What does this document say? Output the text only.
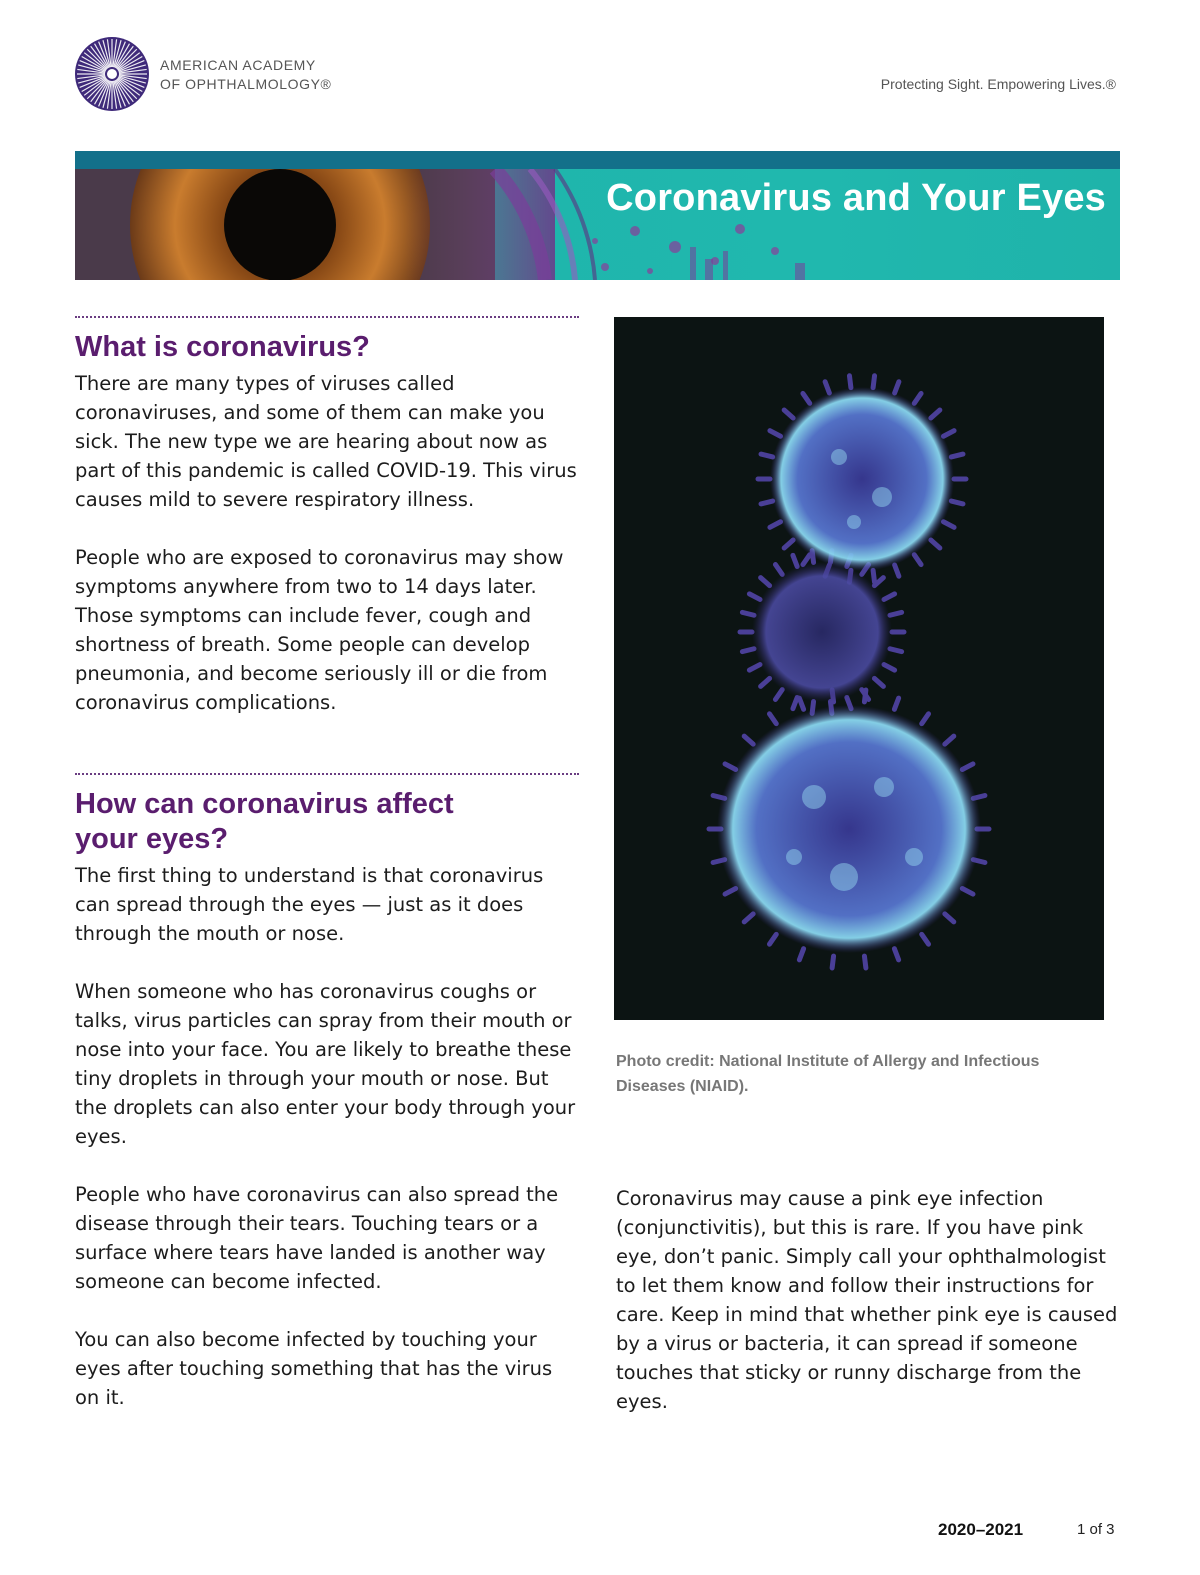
AMERICAN ACADEMY
OF OPHTHALMOLOGY®	Protecting Sight. Empowering Lives.®
Coronavirus and Your Eyes
What is coronavirus?

There are many types of viruses called coronaviruses, and some of them can make you sick. The new type we are hearing about now as part of this pandemic is called COVID-19. This virus causes mild to severe respiratory illness.

People who are exposed to coronavirus may show symptoms anywhere from two to 14 days later. Those symptoms can include fever, cough and shortness of breath. Some people can develop pneumonia, and become seriously ill or die from coronavirus complications.

How can coronavirus affect your eyes?

The first thing to understand is that coronavirus can spread through the eyes — just as it does through the mouth or nose.

When someone who has coronavirus coughs or talks, virus particles can spray from their mouth or nose into your face. You are likely to breathe these tiny droplets in through your mouth or nose. But the droplets can also enter your body through your eyes.

People who have coronavirus can also spread the disease through their tears. Touching tears or a surface where tears have landed is another way someone can become infected.

You can also become infected by touching your eyes after touching something that has the virus on it.

Photo credit: National Institute of Allergy and Infectious Diseases (NIAID).

Coronavirus may cause a pink eye infection (conjunctivitis), but this is rare. If you have pink eye, don’t panic. Simply call your ophthalmologist to let them know and follow their instructions for care. Keep in mind that whether pink eye is caused by a virus or bacteria, it can spread if someone touches that sticky or runny discharge from the eyes.

2020–2021	1 of 3
